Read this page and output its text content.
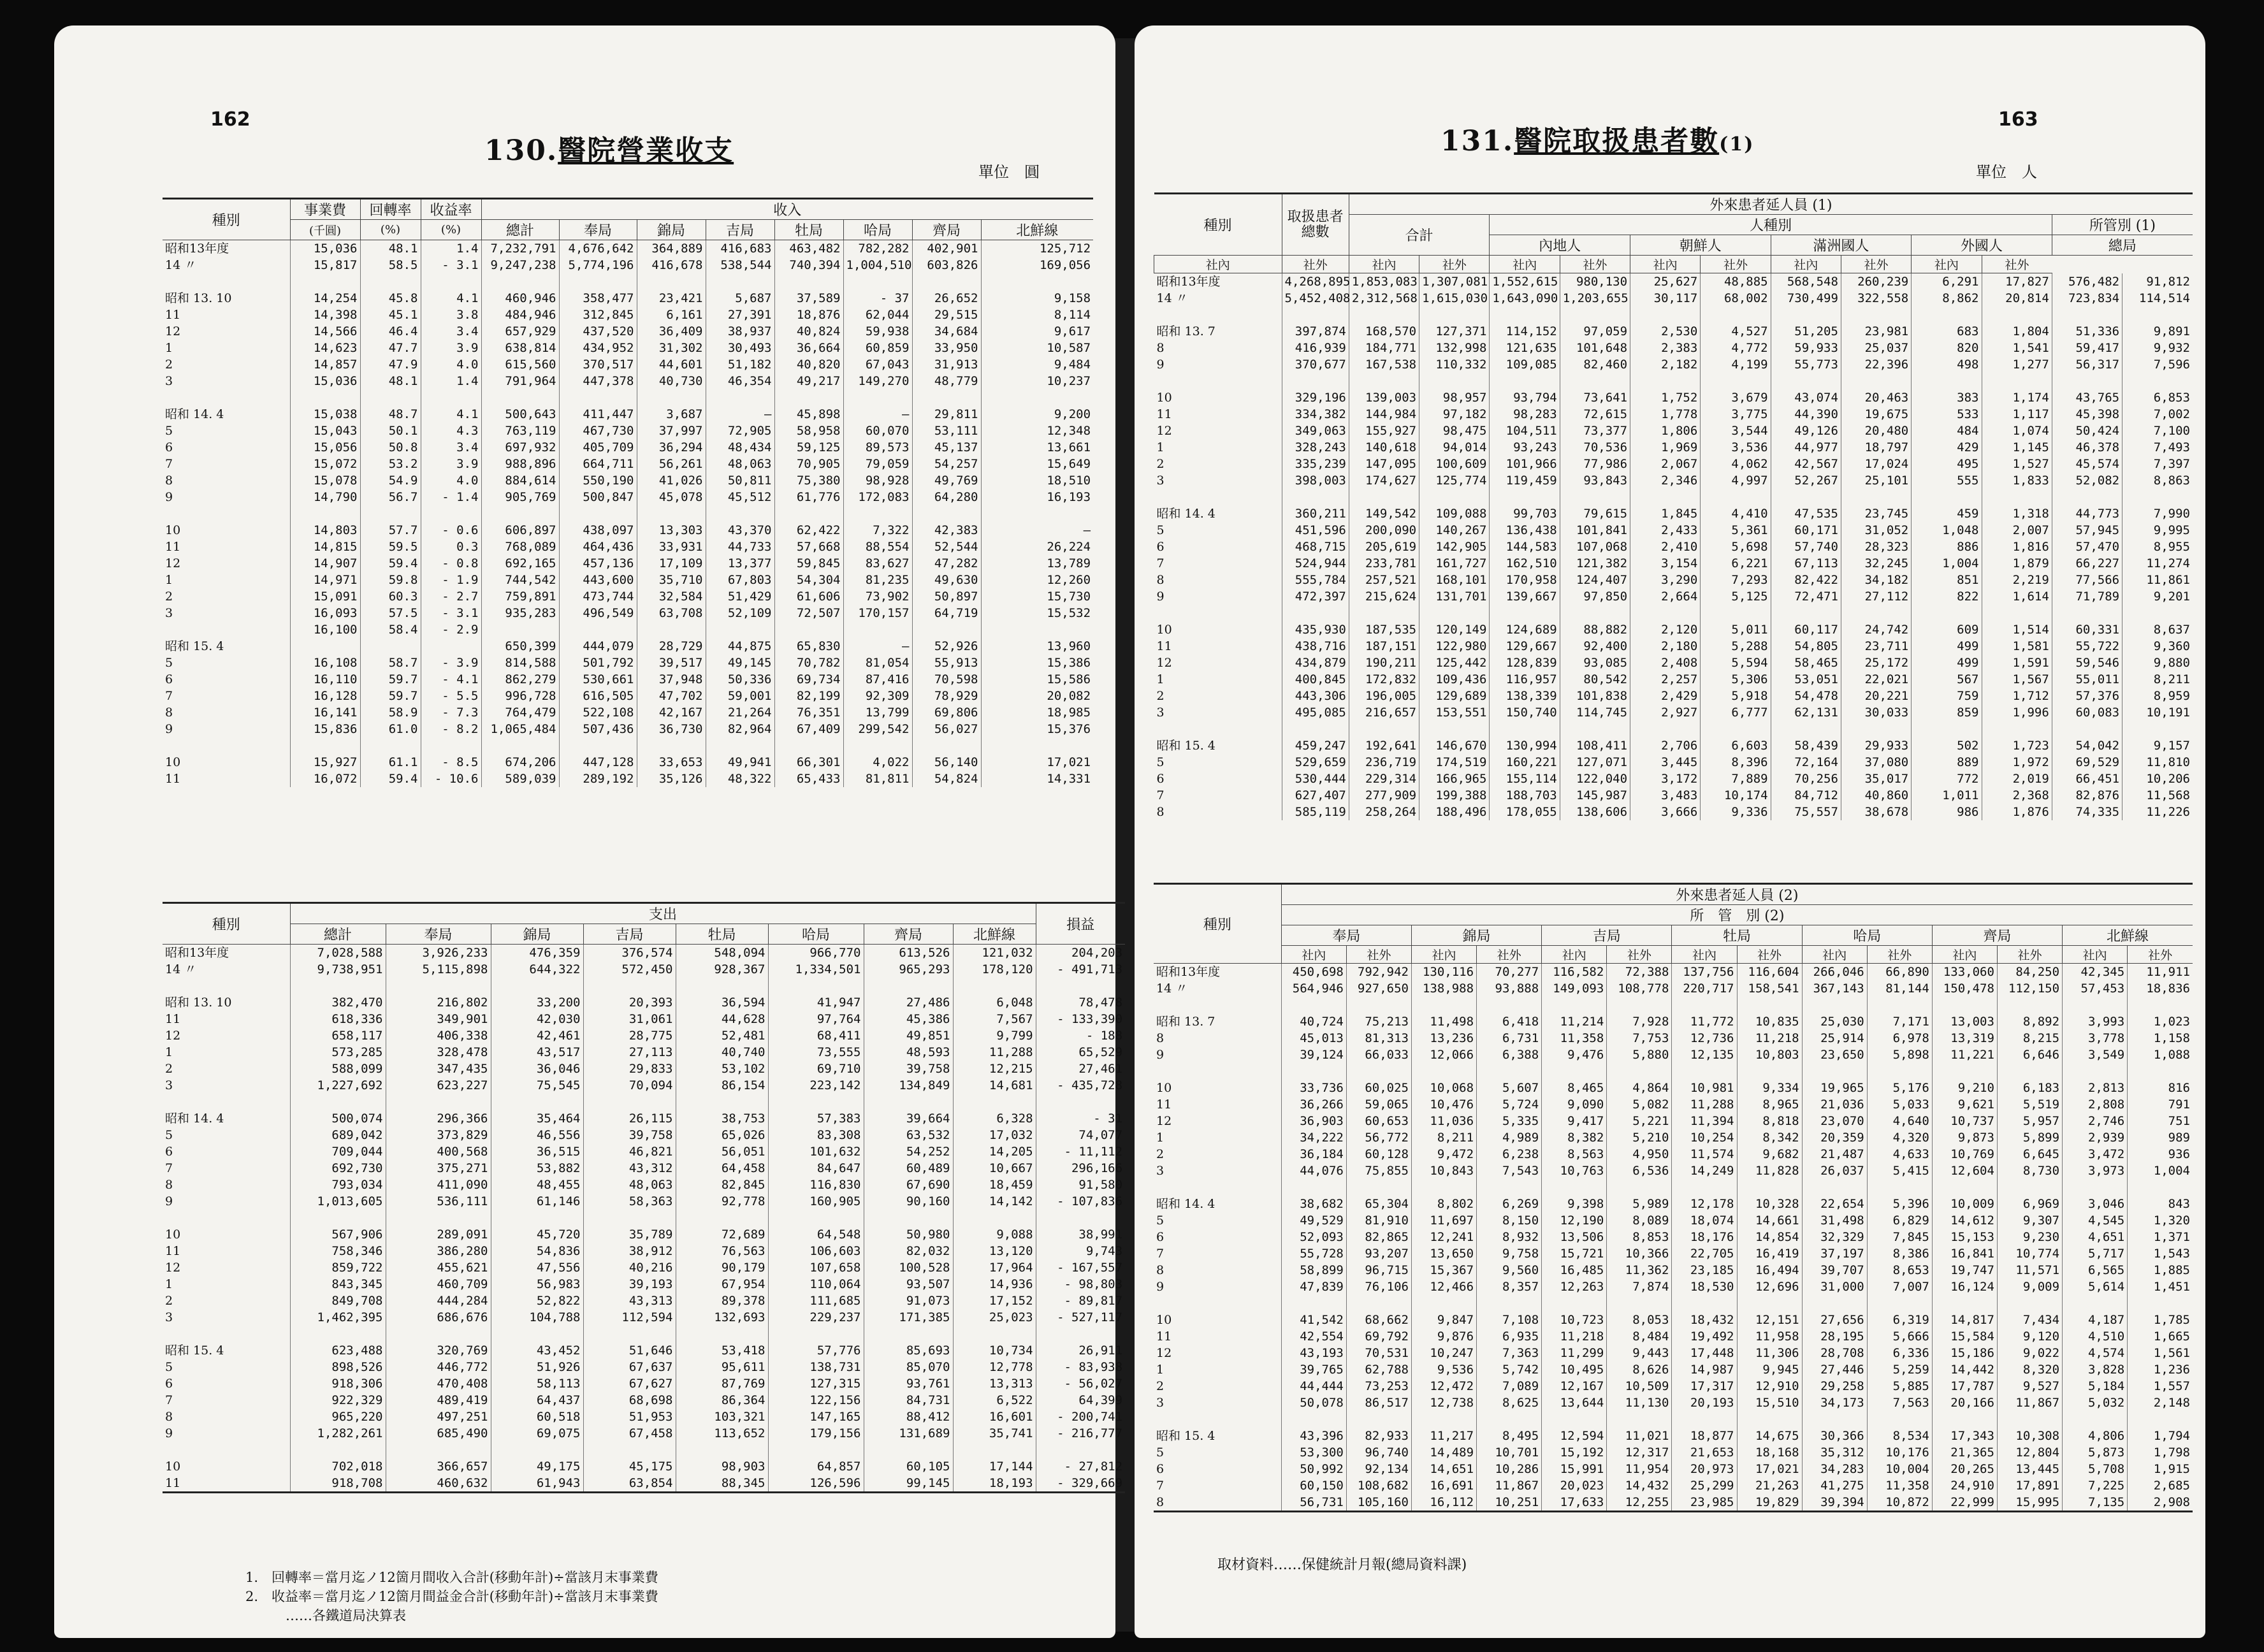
162
130.醫院營業收支
單位　圓
種別	事業費	回轉率	收益率	收入							
	(千圓)	(%)	(%)	總計	奉局	錦局	吉局	牡局	哈局	齊局	北鮮線
昭和13年度	15,036	48.1	1.4	7,232,791	4,676,642	364,889	416,683	463,482	782,282	402,901	125,712
14 〃	15,817	58.5	- 3.1	9,247,238	5,774,196	416,678	538,544	740,394	1,004,510	603,826	169,056

昭和 13. 10	14,254	45.8	4.1	460,946	358,477	23,421	5,687	37,589	- 37	26,652	9,158
11	14,398	45.1	3.8	484,946	312,845	6,161	27,391	18,876	62,044	29,515	8,114
12	14,566	46.4	3.4	657,929	437,520	36,409	38,937	40,824	59,938	34,684	9,617
1	14,623	47.7	3.9	638,814	434,952	31,302	30,493	36,664	60,859	33,950	10,587
2	14,857	47.9	4.0	615,560	370,517	44,601	51,182	40,820	67,043	31,913	9,484
3	15,036	48.1	1.4	791,964	447,378	40,730	46,354	49,217	149,270	48,779	10,237

昭和 14. 4	15,038	48.7	4.1	500,643	411,447	3,687	—	45,898	—	29,811	9,200
5	15,043	50.1	4.3	763,119	467,730	37,997	72,905	58,958	60,070	53,111	12,348
6	15,056	50.8	3.4	697,932	405,709	36,294	48,434	59,125	89,573	45,137	13,661
7	15,072	53.2	3.9	988,896	664,711	56,261	48,063	70,905	79,059	54,257	15,649
8	15,078	54.9	4.0	884,614	550,190	41,026	50,811	75,380	98,928	49,769	18,510
9	14,790	56.7	- 1.4	905,769	500,847	45,078	45,512	61,776	172,083	64,280	16,193

10	14,803	57.7	- 0.6	606,897	438,097	13,303	43,370	62,422	7,322	42,383	—
11	14,815	59.5	0.3	768,089	464,436	33,931	44,733	57,668	88,554	52,544	26,224
12	14,907	59.4	- 0.8	692,165	457,136	17,109	13,377	59,845	83,627	47,282	13,789
1	14,971	59.8	- 1.9	744,542	443,600	35,710	67,803	54,304	81,235	49,630	12,260
2	15,091	60.3	- 2.7	759,891	473,744	32,584	51,429	61,606	73,902	50,897	15,730
3	16,093	57.5	- 3.1	935,283	496,549	63,708	52,109	72,507	170,157	64,719	15,532
	16,100	58.4	- 2.9								
昭和 15. 4				650,399	444,079	28,729	44,875	65,830	—	52,926	13,960
5	16,108	58.7	- 3.9	814,588	501,792	39,517	49,145	70,782	81,054	55,913	15,386
6	16,110	59.7	- 4.1	862,279	530,661	37,948	50,336	69,734	87,416	70,598	15,586
7	16,128	59.7	- 5.5	996,728	616,505	47,702	59,001	82,199	92,309	78,929	20,082
8	16,141	58.9	- 7.3	764,479	522,108	42,167	21,264	76,351	13,799	69,806	18,985
9	15,836	61.0	- 8.2	1,065,484	507,436	36,730	82,964	67,409	299,542	56,027	15,376

10	15,927	61.1	- 8.5	674,206	447,128	33,653	49,941	66,301	4,022	56,140	17,021
11	16,072	59.4	- 10.6	589,039	289,192	35,126	48,322	65,433	81,811	54,824	14,331
種別	支出								損益
	總計	奉局	錦局	吉局	牡局	哈局	齊局	北鮮線	
昭和13年度	7,028,588	3,926,233	476,359	376,574	548,094	966,770	613,526	121,032	204,203
14 〃	9,738,951	5,115,898	644,322	572,450	928,367	1,334,501	965,293	178,120	- 491,713

昭和 13. 10	382,470	216,802	33,200	20,393	36,594	41,947	27,486	6,048	78,478
11	618,336	349,901	42,030	31,061	44,628	97,764	45,386	7,567	- 133,390
12	658,117	406,338	42,461	28,775	52,481	68,411	49,851	9,799	- 188
1	573,285	328,478	43,517	27,113	40,740	73,555	48,593	11,288	65,529
2	588,099	347,435	36,046	29,833	53,102	69,710	39,758	12,215	27,461
3	1,227,692	623,227	75,545	70,094	86,154	223,142	134,849	14,681	- 435,728

昭和 14. 4	500,074	296,366	35,464	26,115	38,753	57,383	39,664	6,328	- 31
5	689,042	373,829	46,556	39,758	65,026	83,308	63,532	17,032	74,077
6	709,044	400,568	36,515	46,821	56,051	101,632	54,252	14,205	- 11,112
7	692,730	375,271	53,882	43,312	64,458	84,647	60,489	10,667	296,166
8	793,034	411,090	48,455	48,063	82,845	116,830	67,690	18,459	91,580
9	1,013,605	536,111	61,146	58,363	92,778	160,905	90,160	14,142	- 107,836

10	567,906	289,091	45,720	35,789	72,689	64,548	50,980	9,088	38,991
11	758,346	386,280	54,836	38,912	76,563	106,603	82,032	13,120	9,743
12	859,722	455,621	47,556	40,216	90,179	107,658	100,528	17,964	- 167,557
1	843,345	460,709	56,983	39,193	67,954	110,064	93,507	14,936	- 98,803
2	849,708	444,284	52,822	43,313	89,378	111,685	91,073	17,152	- 89,817
3	1,462,395	686,676	104,788	112,594	132,693	229,237	171,385	25,023	- 527,117

昭和 15. 4	623,488	320,769	43,452	51,646	53,418	57,776	85,693	10,734	26,911
5	898,526	446,772	51,926	67,637	95,611	138,731	85,070	12,778	- 83,938
6	918,306	470,408	58,113	67,627	87,769	127,315	93,761	13,313	- 56,027
7	922,329	489,419	64,437	68,698	86,364	122,156	84,731	6,522	64,399
8	965,220	497,251	60,518	51,953	103,321	147,165	88,412	16,601	- 200,741
9	1,282,261	685,490	69,075	67,458	113,652	179,156	131,689	35,741	- 216,777

10	702,018	366,657	49,175	45,175	98,903	64,857	60,105	17,144	- 27,812
11	918,708	460,632	61,943	63,854	88,345	126,596	99,145	18,193	- 329,669
1.　回轉率＝當月迄ノ12箇月間收入合計(移動年計)÷當該月末事業費
2.　收益率＝當月迄ノ12箇月間益金合計(移動年計)÷當該月末事業費
　　　……各鐵道局決算表
163
131.醫院取扱患者數(1)
單位　人
種別	取扱患者總數	外來患者延人員 (1)											
		合計		人種別								所管別 (1)	
				內地人		朝鮮人		滿洲國人		外國人		總局	
社內	社外	社內	社外	社內	社外	社內	社外	社內	社外	社內	社外		
昭和13年度	4,268,895	1,853,083	1,307,081	1,552,615	980,130	25,627	48,885	568,548	260,239	6,291	17,827	576,482	91,812
14 〃	5,452,408	2,312,568	1,615,030	1,643,090	1,203,655	30,117	68,002	730,499	322,558	8,862	20,814	723,834	114,514

昭和 13. 7	397,874	168,570	127,371	114,152	97,059	2,530	4,527	51,205	23,981	683	1,804	51,336	9,891
8	416,939	184,771	132,998	121,635	101,648	2,383	4,772	59,933	25,037	820	1,541	59,417	9,932
9	370,677	167,538	110,332	109,085	82,460	2,182	4,199	55,773	22,396	498	1,277	56,317	7,596

10	329,196	139,003	98,957	93,794	73,641	1,752	3,679	43,074	20,463	383	1,174	43,765	6,853
11	334,382	144,984	97,182	98,283	72,615	1,778	3,775	44,390	19,675	533	1,117	45,398	7,002
12	349,063	155,927	98,475	104,511	73,377	1,806	3,544	49,126	20,480	484	1,074	50,424	7,100
1	328,243	140,618	94,014	93,243	70,536	1,969	3,536	44,977	18,797	429	1,145	46,378	7,493
2	335,239	147,095	100,609	101,966	77,986	2,067	4,062	42,567	17,024	495	1,527	45,574	7,397
3	398,003	174,627	125,774	119,459	93,843	2,346	4,997	52,267	25,101	555	1,833	52,082	8,863

昭和 14. 4	360,211	149,542	109,088	99,703	79,615	1,845	4,410	47,535	23,745	459	1,318	44,773	7,990
5	451,596	200,090	140,267	136,438	101,841	2,433	5,361	60,171	31,052	1,048	2,007	57,945	9,995
6	468,715	205,619	142,905	144,583	107,068	2,410	5,698	57,740	28,323	886	1,816	57,470	8,955
7	524,944	233,781	161,727	162,510	121,382	3,154	6,221	67,113	32,245	1,004	1,879	66,227	11,274
8	555,784	257,521	168,101	170,958	124,407	3,290	7,293	82,422	34,182	851	2,219	77,566	11,861
9	472,397	215,624	131,701	139,667	97,850	2,664	5,125	72,471	27,112	822	1,614	71,789	9,201

10	435,930	187,535	120,149	124,689	88,882	2,120	5,011	60,117	24,742	609	1,514	60,331	8,637
11	438,716	187,151	122,980	129,667	92,400	2,180	5,288	54,805	23,711	499	1,581	55,722	9,360
12	434,879	190,211	125,442	128,839	93,085	2,408	5,594	58,465	25,172	499	1,591	59,546	9,880
1	400,845	172,832	109,436	116,957	80,542	2,257	5,306	53,051	22,021	567	1,567	55,011	8,211
2	443,306	196,005	129,689	138,339	101,838	2,429	5,918	54,478	20,221	759	1,712	57,376	8,959
3	495,085	216,657	153,551	150,740	114,745	2,927	6,777	62,131	30,033	859	1,996	60,083	10,191

昭和 15. 4	459,247	192,641	146,670	130,994	108,411	2,706	6,603	58,439	29,933	502	1,723	54,042	9,157
5	529,659	236,719	174,519	160,221	127,071	3,445	8,396	72,164	37,080	889	1,972	69,529	11,810
6	530,444	229,314	166,965	155,114	122,040	3,172	7,889	70,256	35,017	772	2,019	66,451	10,206
7	627,407	277,909	199,388	188,703	145,987	3,483	10,174	84,712	40,860	1,011	2,368	82,876	11,568
8	585,119	258,264	188,496	178,055	138,606	3,666	9,336	75,557	38,678	986	1,876	74,335	11,226
種別	外來患者延人員 (2)													
	所　管　別 (2)													
	奉局		錦局		吉局		牡局		哈局		齊局		北鮮線	
	社內	社外	社內	社外	社內	社外	社內	社外	社內	社外	社內	社外	社內	社外
昭和13年度	450,698	792,942	130,116	70,277	116,582	72,388	137,756	116,604	266,046	66,890	133,060	84,250	42,345	11,911
14 〃	564,946	927,650	138,988	93,888	149,093	108,778	220,717	158,541	367,143	81,144	150,478	112,150	57,453	18,836

昭和 13. 7	40,724	75,213	11,498	6,418	11,214	7,928	11,772	10,835	25,030	7,171	13,003	8,892	3,993	1,023
8	45,013	81,313	13,236	6,731	11,358	7,753	12,736	11,218	25,914	6,978	13,319	8,215	3,778	1,158
9	39,124	66,033	12,066	6,388	9,476	5,880	12,135	10,803	23,650	5,898	11,221	6,646	3,549	1,088

10	33,736	60,025	10,068	5,607	8,465	4,864	10,981	9,334	19,965	5,176	9,210	6,183	2,813	816
11	36,266	59,065	10,476	5,724	9,090	5,082	11,288	8,965	21,036	5,033	9,621	5,519	2,808	791
12	36,903	60,653	11,036	5,335	9,417	5,221	11,394	8,818	23,070	4,640	10,737	5,957	2,746	751
1	34,222	56,772	8,211	4,989	8,382	5,210	10,254	8,342	20,359	4,320	9,873	5,899	2,939	989
2	36,184	60,128	9,472	6,238	8,563	4,950	11,574	9,682	21,487	4,633	10,769	6,645	3,472	936
3	44,076	75,855	10,843	7,543	10,763	6,536	14,249	11,828	26,037	5,415	12,604	8,730	3,973	1,004

昭和 14. 4	38,682	65,304	8,802	6,269	9,398	5,989	12,178	10,328	22,654	5,396	10,009	6,969	3,046	843
5	49,529	81,910	11,697	8,150	12,190	8,089	18,074	14,661	31,498	6,829	14,612	9,307	4,545	1,320
6	52,093	82,865	12,241	8,932	13,506	8,853	18,176	14,854	32,329	7,845	15,153	9,230	4,651	1,371
7	55,728	93,207	13,650	9,758	15,721	10,366	22,705	16,419	37,197	8,386	16,841	10,774	5,717	1,543
8	58,899	96,715	15,367	9,560	16,485	11,362	23,185	16,494	39,707	8,653	19,747	11,571	6,565	1,885
9	47,839	76,106	12,466	8,357	12,263	7,874	18,530	12,696	31,000	7,007	16,124	9,009	5,614	1,451

10	41,542	68,662	9,847	7,108	10,723	8,053	18,432	12,151	27,656	6,319	14,817	7,434	4,187	1,785
11	42,554	69,792	9,876	6,935	11,218	8,484	19,492	11,958	28,195	5,666	15,584	9,120	4,510	1,665
12	43,193	70,531	10,247	7,363	11,299	9,443	17,448	11,306	28,708	6,336	15,186	9,022	4,574	1,561
1	39,765	62,788	9,536	5,742	10,495	8,626	14,987	9,945	27,446	5,259	14,442	8,320	3,828	1,236
2	44,444	73,253	12,472	7,089	12,167	10,509	17,317	12,910	29,258	5,885	17,787	9,527	5,184	1,557
3	50,078	86,517	12,738	8,625	13,644	11,130	20,193	15,510	34,173	7,563	20,166	11,867	5,032	2,148

昭和 15. 4	43,396	82,933	11,217	8,495	12,594	11,021	18,877	14,675	30,366	8,534	17,343	10,308	4,806	1,794
5	53,300	96,740	14,489	10,701	15,192	12,317	21,653	18,168	35,312	10,176	21,365	12,804	5,873	1,798
6	50,992	92,134	14,651	10,286	15,991	11,954	20,973	17,021	34,283	10,004	20,265	13,445	5,708	1,915
7	60,150	108,682	16,691	11,867	20,023	14,432	25,299	21,263	41,275	11,358	24,910	17,891	7,225	2,685
8	56,731	105,160	16,112	10,251	17,633	12,255	23,985	19,829	39,394	10,872	22,999	15,995	7,135	2,908
取材資料……保健統計月報(總局資料課)
